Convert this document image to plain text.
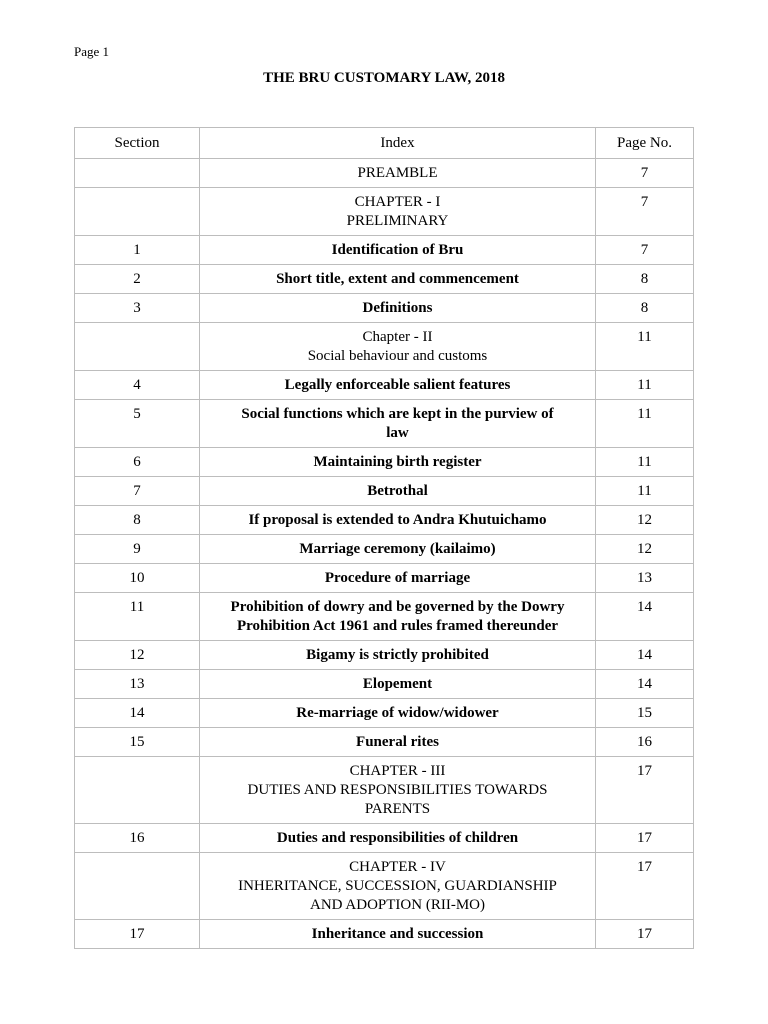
Page 1
THE BRU CUSTOMARY LAW, 2018
Section	Index	Page No.

	PREAMBLE	7

	CHAPTER - I
PRELIMINARY	7
1	Identification of Bru	7
2	Short title, extent and commencement	8
3	Definitions	8

	Chapter - II
Social behaviour and customs	11
4	Legally enforceable salient features	11
5	Social functions which are kept in the purview of
law	11
6	Maintaining birth register	11
7	Betrothal	11
8	If proposal is extended to Andra Khutuichamo	12
9	Marriage ceremony (kailaimo)	12
10	Procedure of marriage	13
11	Prohibition of dowry and be governed by the Dowry
Prohibition Act 1961 and rules framed thereunder	14
12	Bigamy is strictly prohibited	14
13	Elopement	14
14	Re-marriage of widow/widower	15
15	Funeral rites	16

	CHAPTER - III
DUTIES AND RESPONSIBILITIES TOWARDS
PARENTS	17
16	Duties and responsibilities of children	17

	CHAPTER - IV
INHERITANCE, SUCCESSION, GUARDIANSHIP
AND ADOPTION (RII-MO)	17
17	Inheritance and succession	17
